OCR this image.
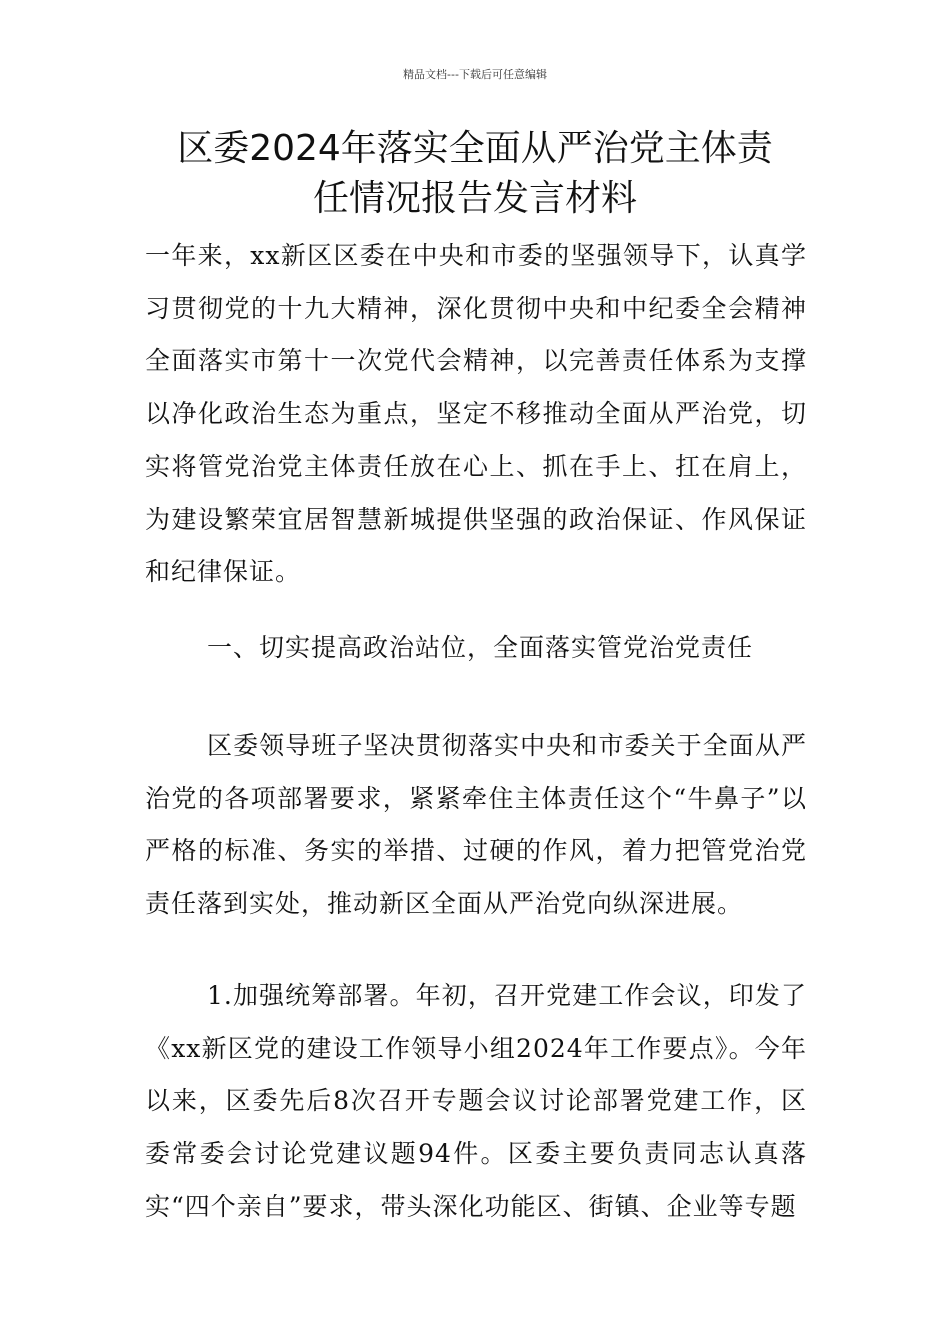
精品文档---下载后可任意编辑
区委2024年落实全面从严治党主体责
任情况报告发言材料

一年来，xx新区区委在中央和市委的坚强领导下，认真学习贯彻党的十九大精神，深化贯彻中央和中纪委全会精神全面落实市第十一次党代会精神，以完善责任体系为支撑以净化政治生态为重点，坚定不移推动全面从严治党，切实将管党治党主体责任放在心上、抓在手上、扛在肩上，为建设繁荣宜居智慧新城提供坚强的政治保证、作风保证和纪律保证。

一、切实提高政治站位，全面落实管党治党责任

区委领导班子坚决贯彻落实中央和市委关于全面从严治党的各项部署要求，紧紧牵住主体责任这个“牛鼻子”以严格的标准、务实的举措、过硬的作风，着力把管党治党责任落到实处，推动新区全面从严治党向纵深进展。

1.加强统筹部署。年初，召开党建工作会议，印发了《xx新区党的建设工作领导小组2024年工作要点》。今年以来，区委先后8次召开专题会议讨论部署党建工作，区委常委会讨论党建议题94件。区委主要负责同志认真落实“四个亲自”要求，带头深化功能区、街镇、企业等专题
